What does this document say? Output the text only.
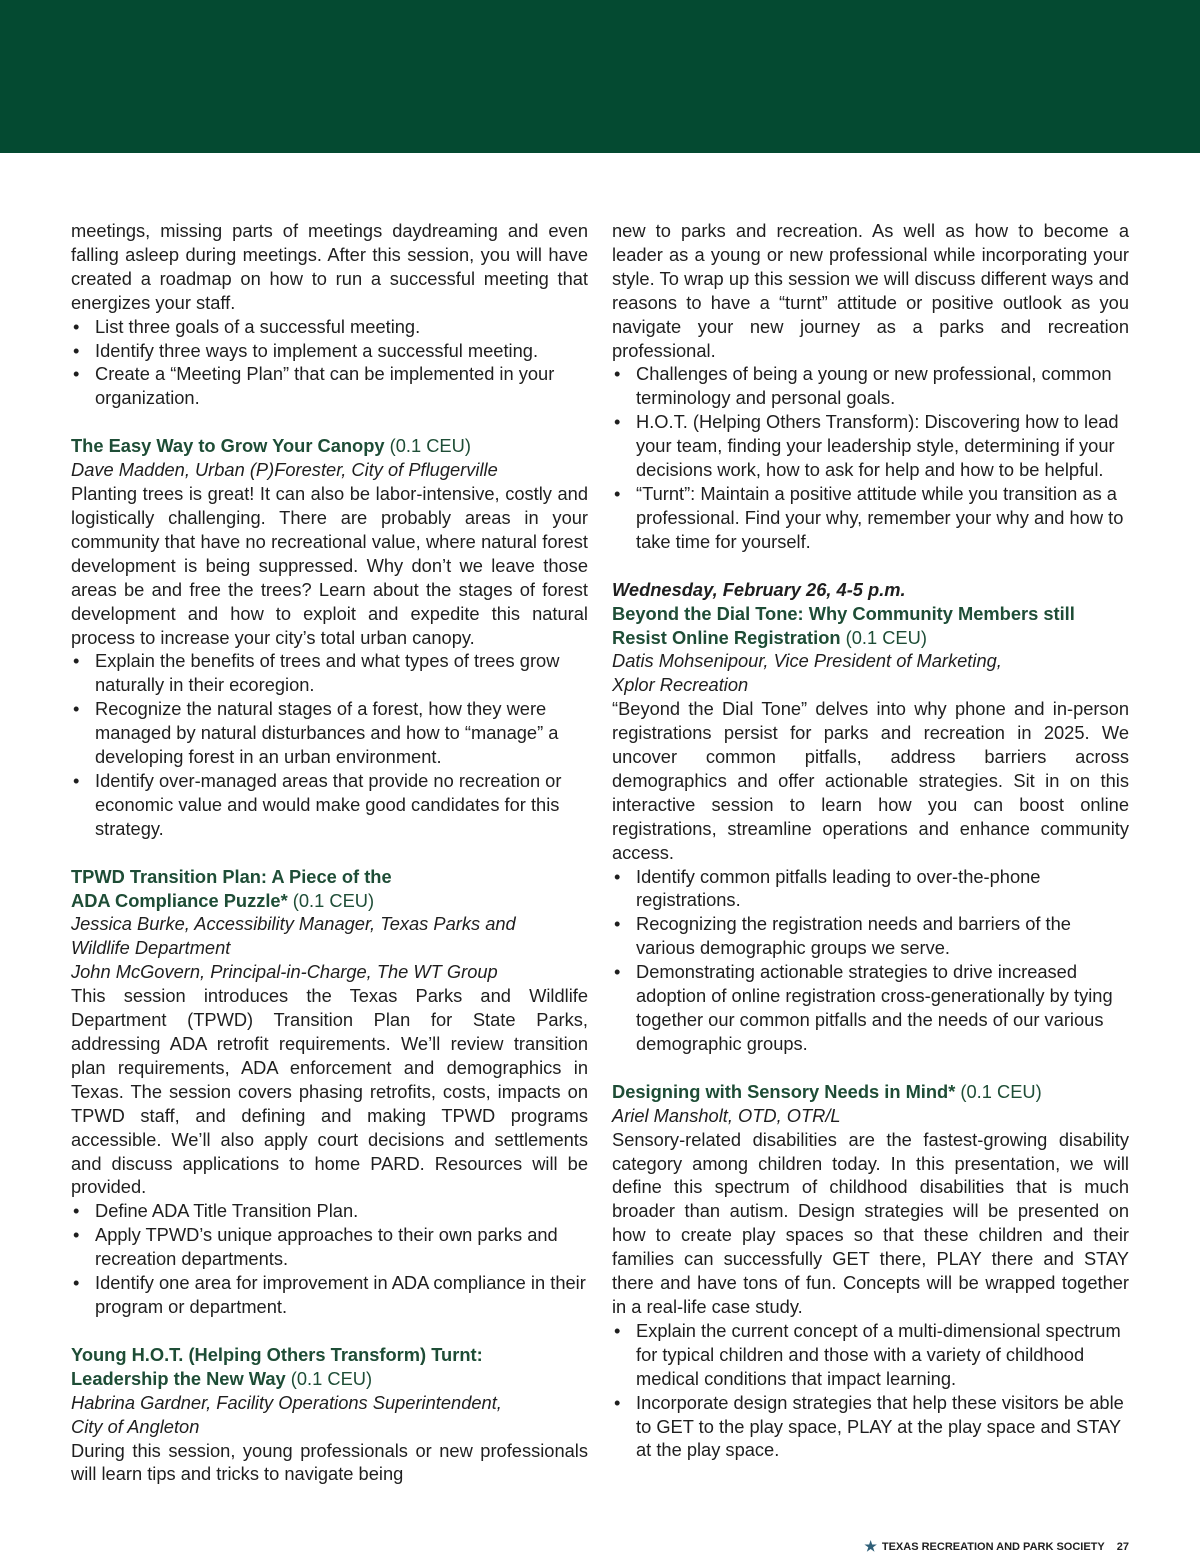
meetings, missing parts of meetings daydreaming and even falling asleep during meetings. After this session, you will have created a roadmap on how to run a successful meeting that energizes your staff.

• List three goals of a successful meeting.
• Identify three ways to implement a successful meeting.
• Create a “Meeting Plan” that can be implemented in your organization.
The Easy Way to Grow Your Canopy (0.1 CEU)
Dave Madden, Urban (P)Forester, City of Pflugerville

Planting trees is great! It can also be labor-intensive, costly and logistically challenging. There are probably areas in your community that have no recreational value, where natural forest development is being suppressed. Why don’t we leave those areas be and free the trees? Learn about the stages of forest development and how to exploit and expedite this natural process to increase your city’s total urban canopy.

• Explain the benefits of trees and what types of trees grow naturally in their ecoregion.
• Recognize the natural stages of a forest, how they were managed by natural disturbances and how to “manage” a developing forest in an urban environment.
• Identify over-managed areas that provide no recreation or economic value and would make good candidates for this strategy.
TPWD Transition Plan: A Piece of the
ADA Compliance Puzzle* (0.1 CEU)
Jessica Burke, Accessibility Manager, Texas Parks and
Wildlife Department
John McGovern, Principal-in-Charge, The WT Group

This session introduces the Texas Parks and Wildlife Department (TPWD) Transition Plan for State Parks, addressing ADA retrofit requirements. We’ll review transition plan requirements, ADA enforcement and demographics in Texas. The session covers phasing retrofits, costs, impacts on TPWD staff, and defining and making TPWD programs accessible. We’ll also apply court decisions and settlements and discuss applications to home PARD. Resources will be provided.

• Define ADA Title Transition Plan.
• Apply TPWD’s unique approaches to their own parks and recreation departments.
• Identify one area for improvement in ADA compliance in their program or department.
Young H.O.T. (Helping Others Transform) Turnt:
Leadership the New Way (0.1 CEU)
Habrina Gardner, Facility Operations Superintendent,
City of Angleton

During this session, young professionals or new professionals will learn tips and tricks to navigate being

new to parks and recreation. As well as how to become a leader as a young or new professional while incorporating your style. To wrap up this session we will discuss different ways and reasons to have a “turnt” attitude or positive outlook as you navigate your new journey as a parks and recreation professional.

• Challenges of being a young or new professional, common terminology and personal goals.
• H.O.T. (Helping Others Transform): Discovering how to lead your team, finding your leadership style, determining if your decisions work, how to ask for help and how to be helpful.
• “Turnt”: Maintain a positive attitude while you transition as a professional. Find your why, remember your why and how to take time for yourself.
Wednesday, February 26, 4-5 p.m.
Beyond the Dial Tone: Why Community Members still
Resist Online Registration (0.1 CEU)
Datis Mohsenipour, Vice President of Marketing,
Xplor Recreation

“Beyond the Dial Tone” delves into why phone and in-person registrations persist for parks and recreation in 2025. We uncover common pitfalls, address barriers across demographics and offer actionable strategies. Sit in on this interactive session to learn how you can boost online registrations, streamline operations and enhance community access.

• Identify common pitfalls leading to over-the-phone registrations.
• Recognizing the registration needs and barriers of the various demographic groups we serve.
• Demonstrating actionable strategies to drive increased adoption of online registration cross-generationally by tying together our common pitfalls and the needs of our various demographic groups.
Designing with Sensory Needs in Mind* (0.1 CEU)
Ariel Mansholt, OTD, OTR/L

Sensory-related disabilities are the fastest-growing disability category among children today. In this presentation, we will define this spectrum of childhood disabilities that is much broader than autism. Design strategies will be presented on how to create play spaces so that these children and their families can successfully GET there, PLAY there and STAY there and have tons of fun. Concepts will be wrapped together in a real-life case study.

• Explain the current concept of a multi-dimensional spectrum for typical children and those with a variety of childhood medical conditions that impact learning.
• Incorporate design strategies that help these visitors be able to GET to the play space, PLAY at the play space and STAY at the play space.
★ TEXAS RECREATION AND PARK SOCIETY 27
